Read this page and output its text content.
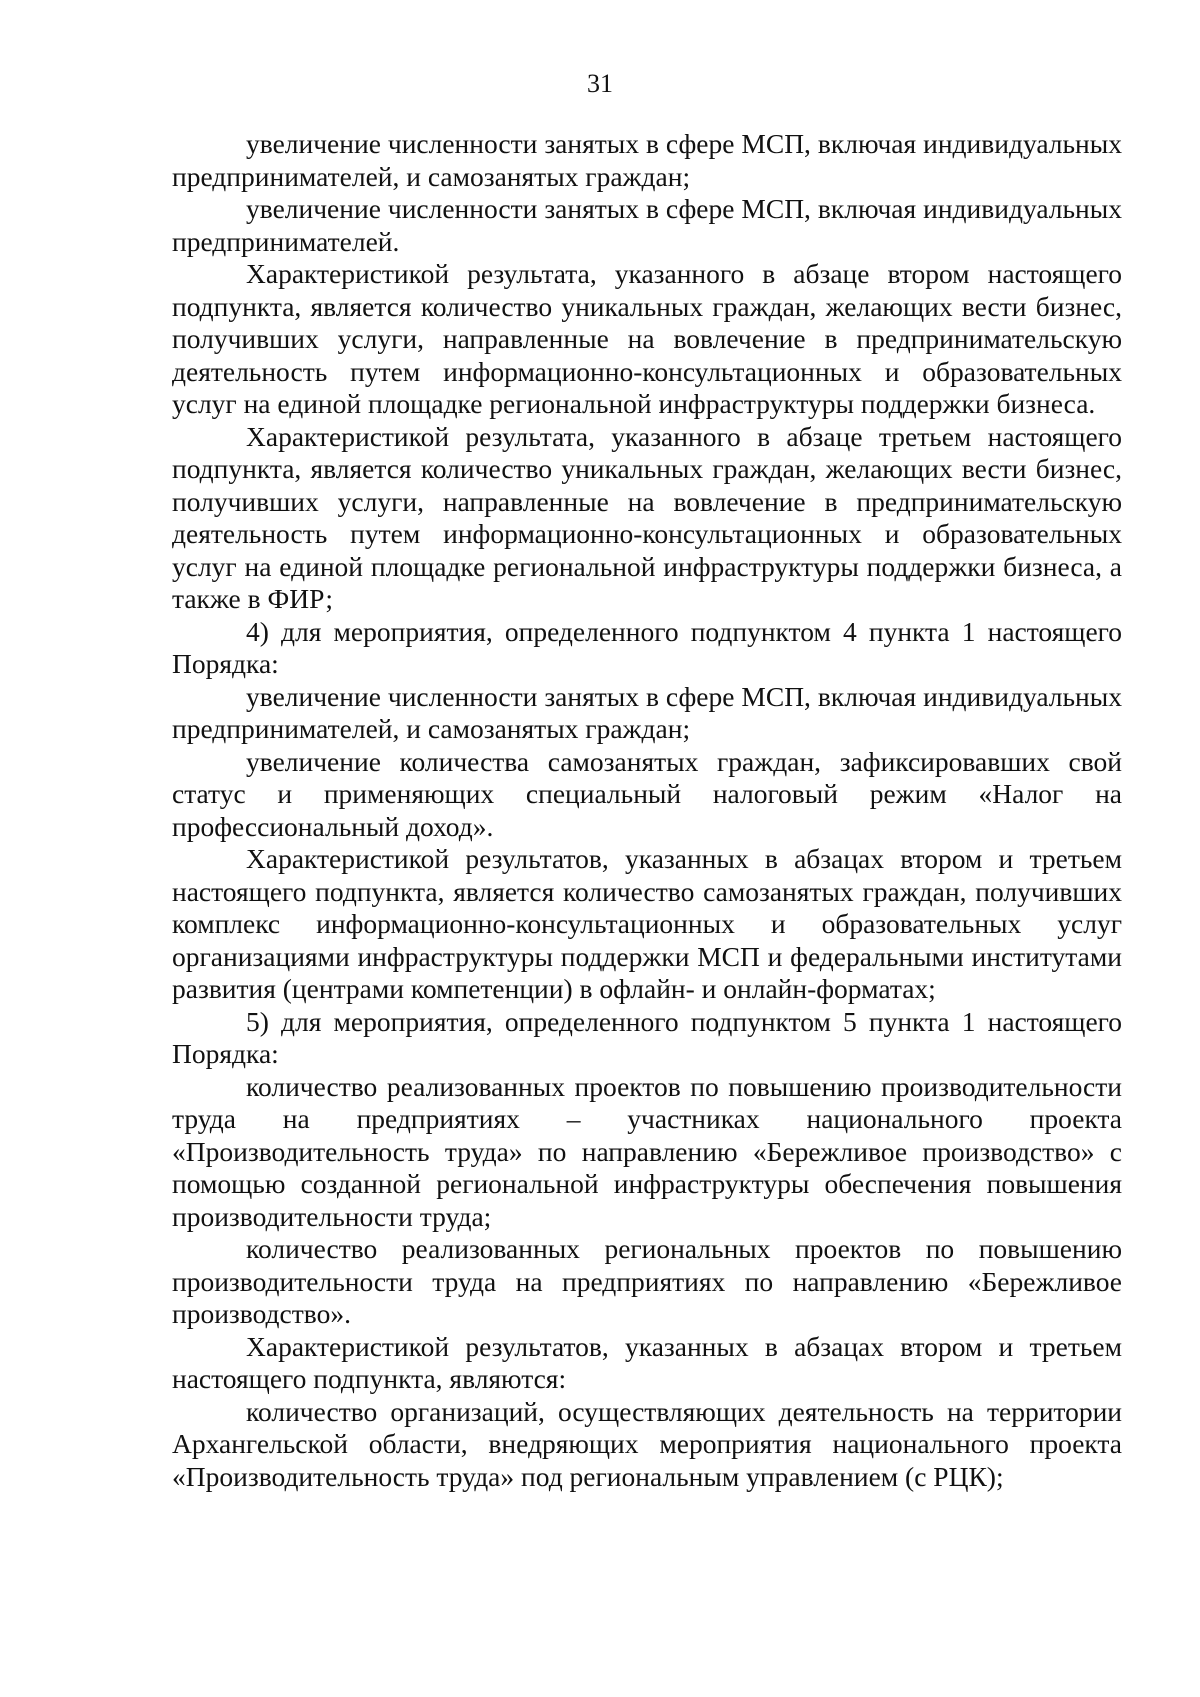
31

увеличение численности занятых в сфере МСП, включая индивидуальных предпринимателей, и самозанятых граждан;

увеличение численности занятых в сфере МСП, включая индивидуальных предпринимателей.

Характеристикой результата, указанного в абзаце втором настоящего подпункта, является количество уникальных граждан, желающих вести бизнес, получивших услуги, направленные на вовлечение в предпринимательскую деятельность путем информационно-консультационных и образовательных услуг на единой площадке региональной инфраструктуры поддержки бизнеса.

Характеристикой результата, указанного в абзаце третьем настоящего подпункта, является количество уникальных граждан, желающих вести бизнес, получивших услуги, направленные на вовлечение в предпринимательскую деятельность путем информационно-консультационных и образовательных услуг на единой площадке региональной инфраструктуры поддержки бизнеса, а также в ФИР;

4) для мероприятия, определенного подпунктом 4 пункта 1 настоящего Порядка:

увеличение численности занятых в сфере МСП, включая индивидуальных предпринимателей, и самозанятых граждан;

увеличение количества самозанятых граждан, зафиксировавших свой статус и применяющих специальный налоговый режим «Налог на профессиональный доход».

Характеристикой результатов, указанных в абзацах втором и третьем настоящего подпункта, является количество самозанятых граждан, получивших комплекс информационно-консультационных и образовательных услуг организациями инфраструктуры поддержки МСП и федеральными институтами развития (центрами компетенции) в офлайн- и онлайн-форматах;

5) для мероприятия, определенного подпунктом 5 пункта 1 настоящего Порядка:

количество реализованных проектов по повышению производительности труда на предприятиях – участниках национального проекта «Производительность труда» по направлению «Бережливое производство» с помощью созданной региональной инфраструктуры обеспечения повышения производительности труда;

количество реализованных региональных проектов по повышению производительности труда на предприятиях по направлению «Бережливое производство».

Характеристикой результатов, указанных в абзацах втором и третьем настоящего подпункта, являются:

количество организаций, осуществляющих деятельность на территории Архангельской области, внедряющих мероприятия национального проекта «Производительность труда» под региональным управлением (с РЦК);
